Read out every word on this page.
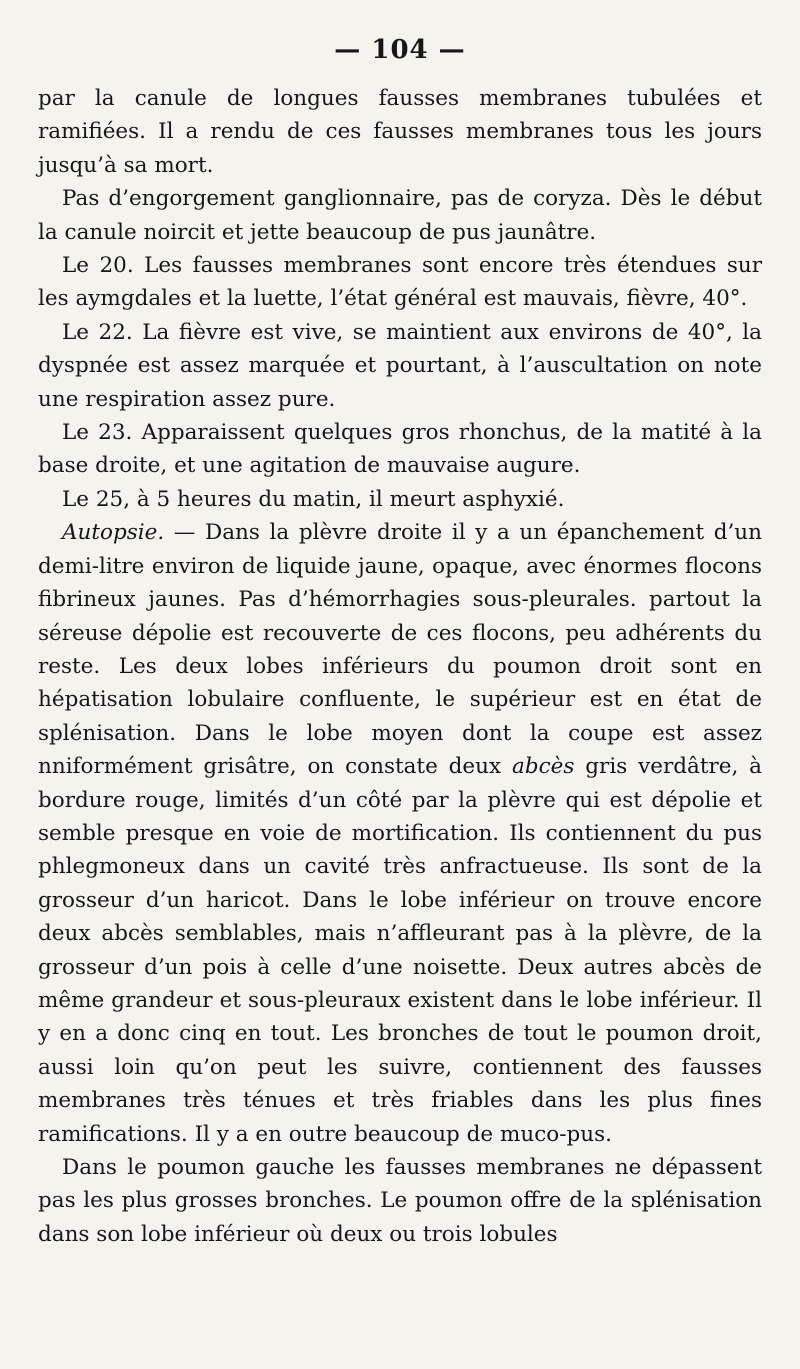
— 104 —

par la canule de longues fausses membranes tubulées et ramifiées. Il a rendu de ces fausses membranes tous les jours jusqu’à sa mort.

Pas d’engorgement ganglionnaire, pas de coryza. Dès le début la canule noircit et jette beaucoup de pus jaunâtre.

Le 20. Les fausses membranes sont encore très étendues sur les aymgdales et la luette, l’état général est mauvais, fièvre, 40°.

Le 22. La fièvre est vive, se maintient aux environs de 40°, la dyspnée est assez marquée et pourtant, à l’auscultation on note une respiration assez pure.

Le 23. Apparaissent quelques gros rhonchus, de la matité à la base droite, et une agitation de mauvaise augure.

Le 25, à 5 heures du matin, il meurt asphyxié.

Autopsie. — Dans la plèvre droite il y a un épanchement d’un demi-litre environ de liquide jaune, opaque, avec énormes flocons fibrineux jaunes. Pas d’hémorrhagies sous-pleurales. partout la séreuse dépolie est recouverte de ces flocons, peu adhérents du reste. Les deux lobes inférieurs du poumon droit sont en hépatisation lobulaire confluente, le supérieur est en état de splénisation. Dans le lobe moyen dont la coupe est assez nniformément grisâtre, on constate deux abcès gris verdâtre, à bordure rouge, limités d’un côté par la plèvre qui est dépolie et semble presque en voie de mortification. Ils contiennent du pus phlegmoneux dans un cavité très anfractueuse. Ils sont de la grosseur d’un haricot. Dans le lobe inférieur on trouve encore deux abcès semblables, mais n’affleurant pas à la plèvre, de la grosseur d’un pois à celle d’une noisette. Deux autres abcès de même grandeur et sous-pleuraux existent dans le lobe inférieur. Il y en a donc cinq en tout. Les bronches de tout le poumon droit, aussi loin qu’on peut les suivre, contiennent des fausses membranes très ténues et très friables dans les plus fines ramifications. Il y a en outre beaucoup de muco-pus.

Dans le poumon gauche les fausses membranes ne dépassent pas les plus grosses bronches. Le poumon offre de la splénisation dans son lobe inférieur où deux ou trois lobules
